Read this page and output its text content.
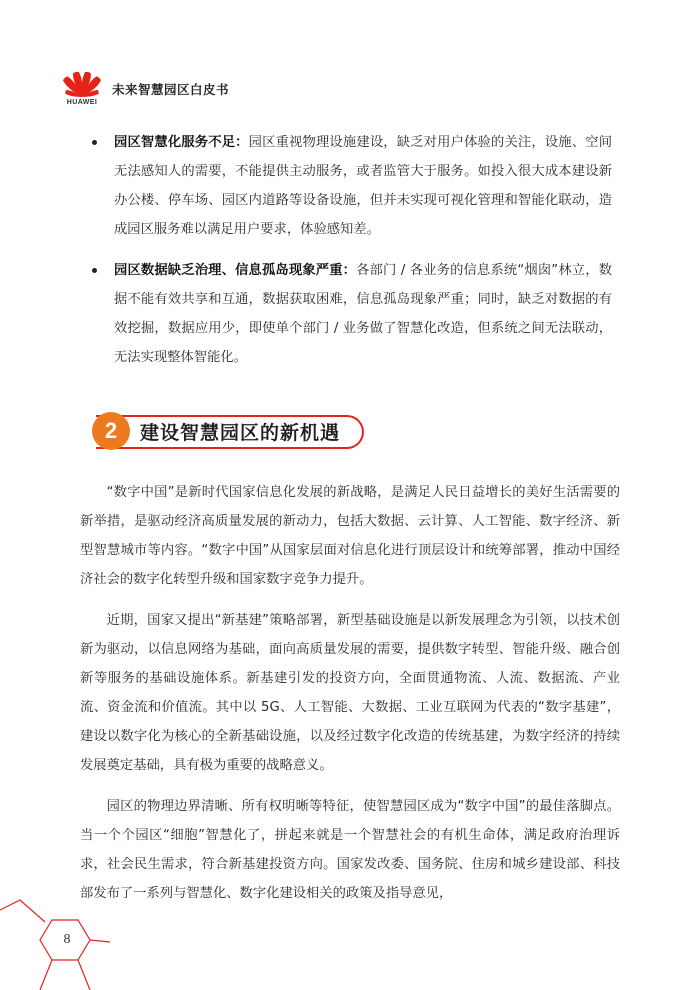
HUAWEI
未来智慧园区白皮书
园区智慧化服务不足：园区重视物理设施建设，缺乏对用户体验的关注，设施、空间无法感知人的需要，不能提供主动服务，或者监管大于服务。如投入很大成本建设新办公楼、停车场、园区内道路等设备设施，但并未实现可视化管理和智能化联动，造成园区服务难以满足用户要求，体验感知差。
园区数据缺乏治理、信息孤岛现象严重：各部门 / 各业务的信息系统“烟囱”林立，数据不能有效共享和互通，数据获取困难，信息孤岛现象严重；同时，缺乏对数据的有效挖掘，数据应用少，即使单个部门 / 业务做了智慧化改造，但系统之间无法联动，无法实现整体智能化。
2	建设智慧园区的新机遇

“数字中国”是新时代国家信息化发展的新战略，是满足人民日益增长的美好生活需要的新举措，是驱动经济高质量发展的新动力，包括大数据、云计算、人工智能、数字经济、新型智慧城市等内容。“数字中国”从国家层面对信息化进行顶层设计和统筹部署，推动中国经济社会的数字化转型升级和国家数字竞争力提升。

近期，国家又提出“新基建”策略部署，新型基础设施是以新发展理念为引领，以技术创新为驱动，以信息网络为基础，面向高质量发展的需要，提供数字转型、智能升级、融合创新等服务的基础设施体系。新基建引发的投资方向，全面贯通物流、人流、数据流、产业流、资金流和价值流。其中以 5G、人工智能、大数据、工业互联网为代表的“数字基建”，建设以数字化为核心的全新基础设施，以及经过数字化改造的传统基建，为数字经济的持续发展奠定基础，具有极为重要的战略意义。

园区的物理边界清晰、所有权明晰等特征，使智慧园区成为“数字中国”的最佳落脚点。当一个个园区“细胞”智慧化了，拼起来就是一个智慧社会的有机生命体，满足政府治理诉求，社会民生需求，符合新基建投资方向。国家发改委、国务院、住房和城乡建设部、科技部发布了一系列与智慧化、数字化建设相关的政策及指导意见，

8
